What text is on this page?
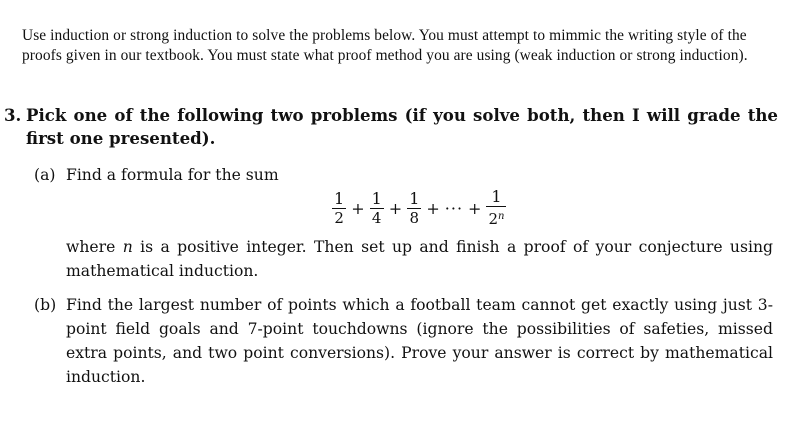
Use induction or strong induction to solve the problems below. You must attempt to mimmic the writing style of the proofs given in our textbook. You must state what proof method you are using (weak induction or strong induction).
3. Pick one of the following two problems (if you solve both, then I will grade the first one presented).
(a) Find a formula for the sum
$\frac{1}{2} + \frac{1}{4} + \frac{1}{8}$ + ··· + $\frac{1}{2^n}$
where n is a positive integer. Then set up and finish a proof of your conjecture using mathematical induction.
(b) Find the largest number of points which a football team cannot get exactly using just 3-point field goals and 7-point touchdowns (ignore the possibilities of safeties, missed extra points, and two point conversions). Prove your answer is correct by mathematical induction.
